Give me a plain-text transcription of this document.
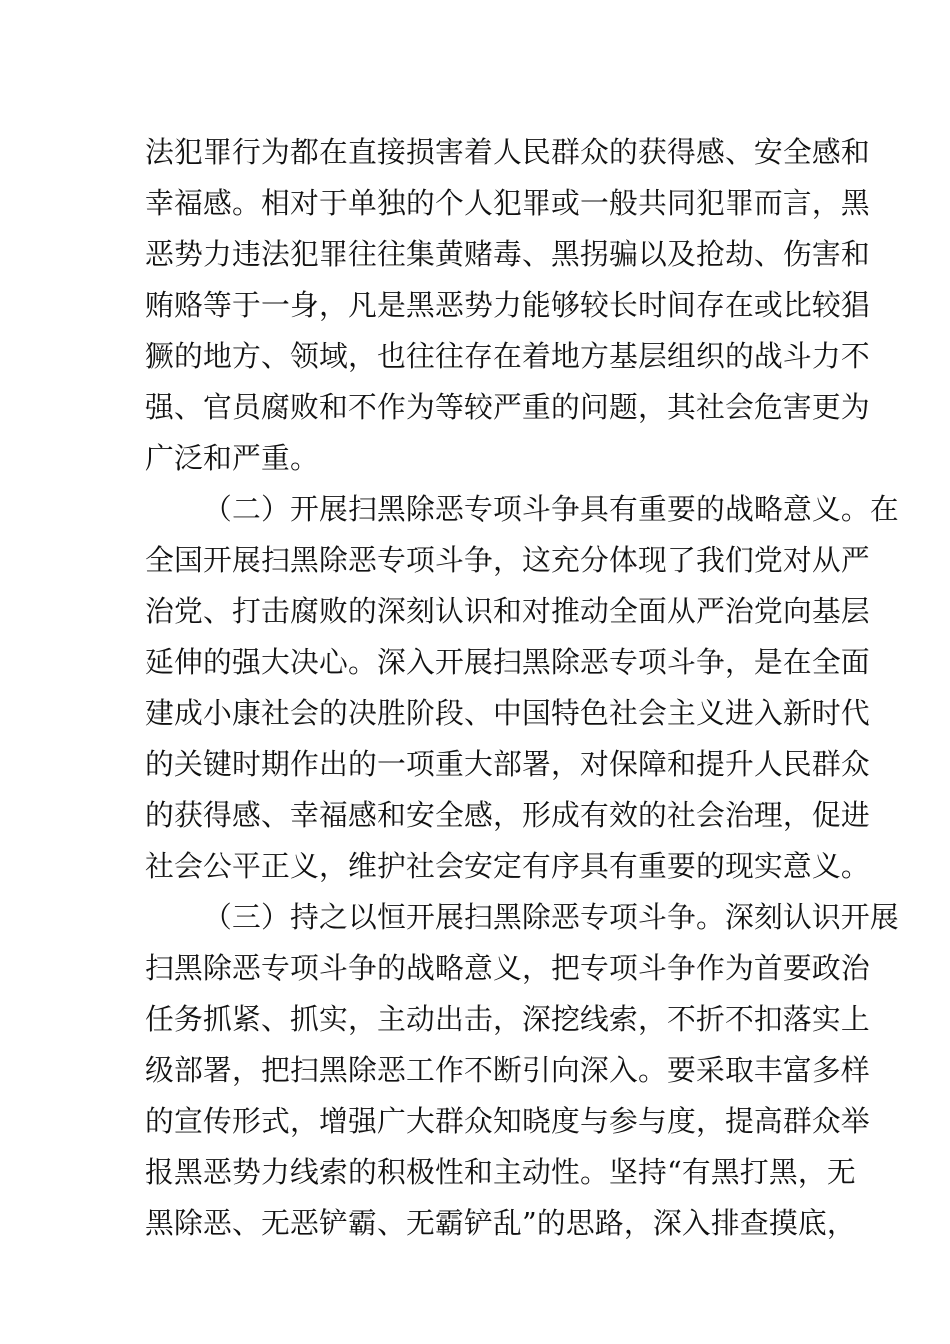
法犯罪行为都在直接损害着人民群众的获得感、安全感和
幸福感。相对于单独的个人犯罪或一般共同犯罪而言，黑
恶势力违法犯罪往往集黄赌毒、黑拐骗以及抢劫、伤害和
贿赂等于一身，凡是黑恶势力能够较长时间存在或比较猖
獗的地方、领域，也往往存在着地方基层组织的战斗力不
强、官员腐败和不作为等较严重的问题，其社会危害更为
广泛和严重。
（二）开展扫黑除恶专项斗争具有重要的战略意义。在
全国开展扫黑除恶专项斗争，这充分体现了我们党对从严
治党、打击腐败的深刻认识和对推动全面从严治党向基层
延伸的强大决心。深入开展扫黑除恶专项斗争，是在全面
建成小康社会的决胜阶段、中国特色社会主义进入新时代
的关键时期作出的一项重大部署，对保障和提升人民群众
的获得感、幸福感和安全感，形成有效的社会治理，促进
社会公平正义，维护社会安定有序具有重要的现实意义。
（三）持之以恒开展扫黑除恶专项斗争。深刻认识开展
扫黑除恶专项斗争的战略意义，把专项斗争作为首要政治
任务抓紧、抓实，主动出击，深挖线索，不折不扣落实上
级部署，把扫黑除恶工作不断引向深入。要采取丰富多样
的宣传形式，增强广大群众知晓度与参与度，提高群众举
报黑恶势力线索的积极性和主动性。坚持“有黑打黑，无
黑除恶、无恶铲霸、无霸铲乱”的思路，深入排查摸底，
